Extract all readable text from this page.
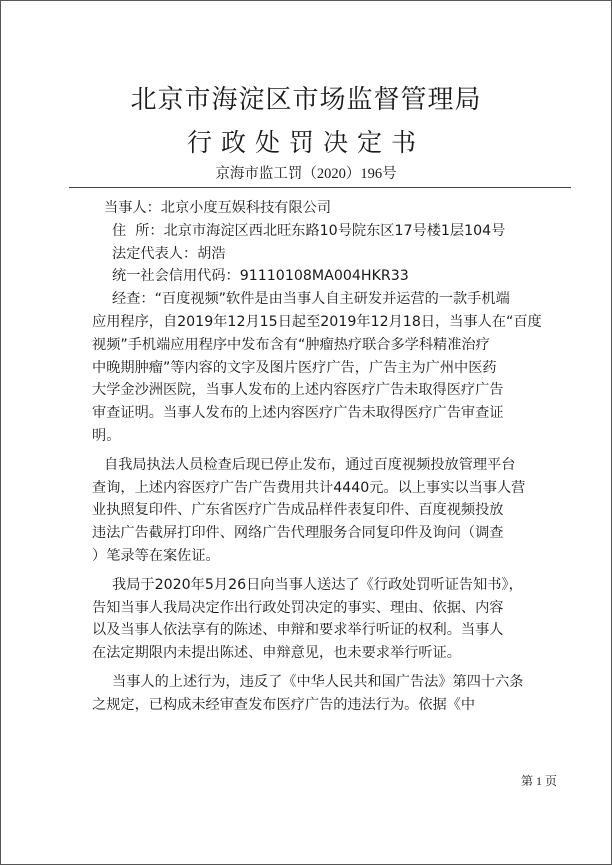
北京市海淀区市场监督管理局
行政处罚决定书
京海市监工罚（2020）196号
当事人：北京小度互娱科技有限公司
住  所：北京市海淀区西北旺东路10号院东区17号楼1层104号
法定代表人：胡浩
统一社会信用代码：91110108MA004HKR33
经查：“百度视频”软件是由当事人自主研发并运营的一款手机端
应用程序，自2019年12月15日起至2019年12月18日，当事人在“百度
视频”手机端应用程序中发布含有“肿瘤热疗联合多学科精准治疗
中晚期肿瘤”等内容的文字及图片医疗广告，广告主为广州中医药
大学金沙洲医院，当事人发布的上述内容医疗广告未取得医疗广告
审查证明。当事人发布的上述内容医疗广告未取得医疗广告审查证
明。
自我局执法人员检查后现已停止发布，通过百度视频投放管理平台
查询，上述内容医疗广告广告费用共计4440元。以上事实以当事人营
业执照复印件、广东省医疗广告成品样件表复印件、百度视频投放
违法广告截屏打印件、网络广告代理服务合同复印件及询问（调查
）笔录等在案佐证。
我局于2020年5月26日向当事人送达了《行政处罚听证告知书》，
告知当事人我局决定作出行政处罚决定的事实、理由、依据、内容
以及当事人依法享有的陈述、申辩和要求举行听证的权利。当事人
在法定期限内未提出陈述、申辩意见，也未要求举行听证。
当事人的上述行为，违反了《中华人民共和国广告法》第四十六条
之规定，已构成未经审查发布医疗广告的违法行为。依据《中
第 1 页
